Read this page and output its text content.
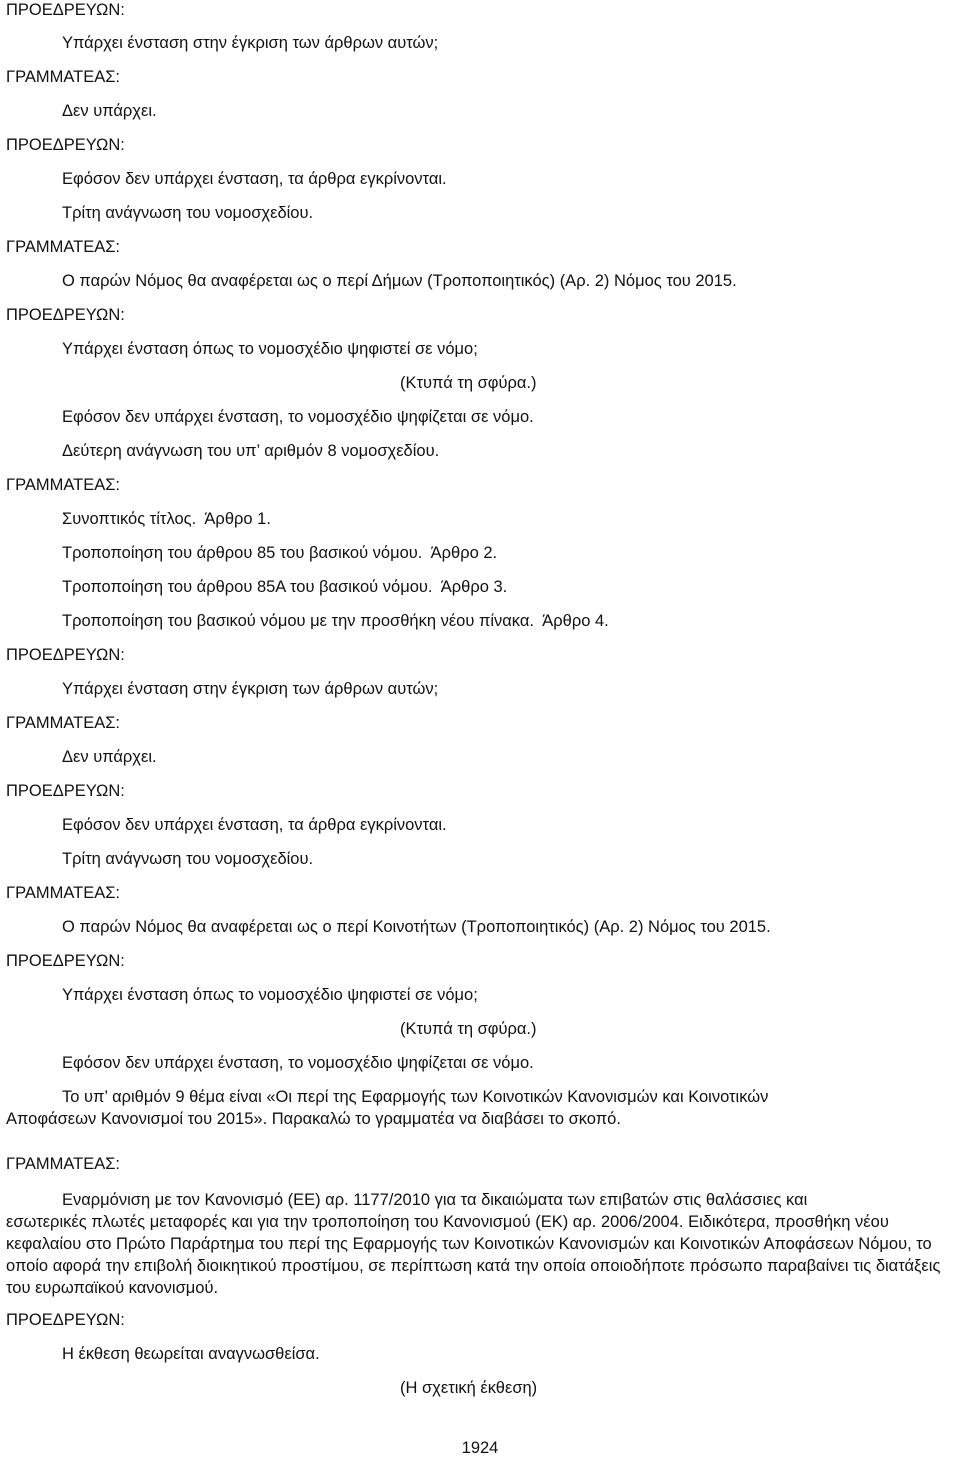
ΠΡΟΕΔΡΕΥΩΝ:
Υπάρχει ένσταση στην έγκριση των άρθρων αυτών;
ΓΡΑΜΜΑΤΕΑΣ:
Δεν υπάρχει.
ΠΡΟΕΔΡΕΥΩΝ:
Εφόσον δεν υπάρχει ένσταση, τα άρθρα εγκρίνονται.
Τρίτη ανάγνωση του νομοσχεδίου.
ΓΡΑΜΜΑΤΕΑΣ:
Ο παρών Νόμος θα αναφέρεται ως ο περί Δήμων (Τροποποιητικός) (Αρ. 2) Νόμος του 2015.
ΠΡΟΕΔΡΕΥΩΝ:
Υπάρχει ένσταση όπως το νομοσχέδιο ψηφιστεί σε νόμο;
(Κτυπά τη σφύρα.)
Εφόσον δεν υπάρχει ένσταση, το νομοσχέδιο ψηφίζεται σε νόμο.
Δεύτερη ανάγνωση του υπ’ αριθμόν 8 νομοσχεδίου.
ΓΡΑΜΜΑΤΕΑΣ:
Συνοπτικός τίτλος.  Άρθρο 1.
Τροποποίηση του άρθρου 85 του βασικού νόμου.  Άρθρο 2.
Τροποποίηση του άρθρου 85Α του βασικού νόμου.  Άρθρο 3.
Τροποποίηση του βασικού νόμου με την προσθήκη νέου πίνακα.  Άρθρο 4.
ΠΡΟΕΔΡΕΥΩΝ:
Υπάρχει ένσταση στην έγκριση των άρθρων αυτών;
ΓΡΑΜΜΑΤΕΑΣ:
Δεν υπάρχει.
ΠΡΟΕΔΡΕΥΩΝ:
Εφόσον δεν υπάρχει ένσταση, τα άρθρα εγκρίνονται.
Τρίτη ανάγνωση του νομοσχεδίου.
ΓΡΑΜΜΑΤΕΑΣ:
Ο παρών Νόμος θα αναφέρεται ως ο περί Κοινοτήτων (Τροποποιητικός) (Αρ. 2) Νόμος του 2015.
ΠΡΟΕΔΡΕΥΩΝ:
Υπάρχει ένσταση όπως το νομοσχέδιο ψηφιστεί σε νόμο;
(Κτυπά τη σφύρα.)
Εφόσον δεν υπάρχει ένσταση, το νομοσχέδιο ψηφίζεται σε νόμο.
Το υπ’ αριθμόν 9 θέμα είναι «Οι περί της Εφαρμογής των Κοινοτικών Κανονισμών και Κοινοτικών
Αποφάσεων Κανονισμοί του 2015». Παρακαλώ το γραμματέα να διαβάσει το σκοπό.
ΓΡΑΜΜΑΤΕΑΣ:
Εναρμόνιση με τον Κανονισμό (ΕΕ) αρ. 1177/2010 για τα δικαιώματα των επιβατών στις θαλάσσιες και
εσωτερικές πλωτές μεταφορές και για την τροποποίηση του Κανονισμού (ΕΚ) αρ. 2006/2004. Ειδικότερα, προσθήκη νέου κεφαλαίου στο Πρώτο Παράρτημα του περί της Εφαρμογής των Κοινοτικών Κανονισμών και Κοινοτικών Αποφάσεων Νόμου, το οποίο αφορά την επιβολή διοικητικού προστίμου, σε περίπτωση κατά την οποία οποιοδήποτε πρόσωπο παραβαίνει τις διατάξεις του ευρωπαϊκού κανονισμού.
ΠΡΟΕΔΡΕΥΩΝ:
Η έκθεση θεωρείται αναγνωσθείσα.
(Η σχετική έκθεση)
1924
